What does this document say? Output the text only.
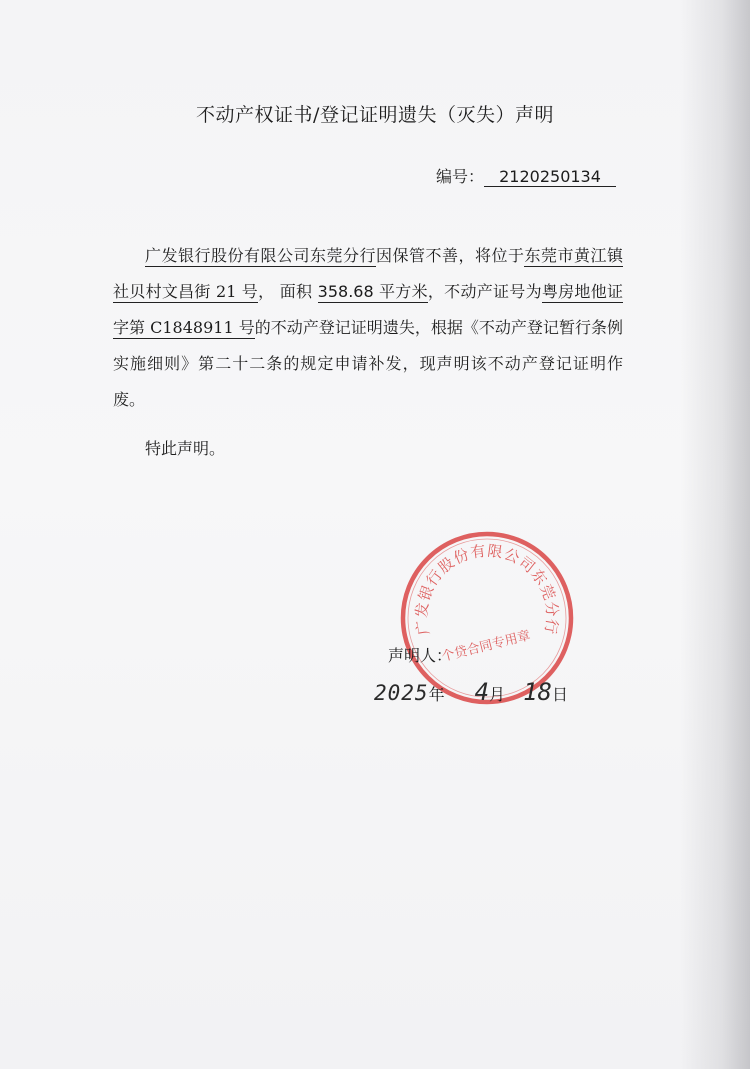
不动产权证书/登记证明遗失（灭失）声明
编号： 2120250134
广发银行股份有限公司东莞分行因保管不善，将位于东莞市黄江镇社贝村文昌街 21 号， 面积 358.68 平方米，不动产证号为粤房地他证字第 C1848911 号的不动产登记证明遗失，根据《不动产登记暂行条例实施细则》第二十二条的规定申请补发，现声明该不动产登记证明作废。
特此声明。
广发银行股份有限公司东莞分行
个贷合同专用章
声明人：
2025年 4月 18日
